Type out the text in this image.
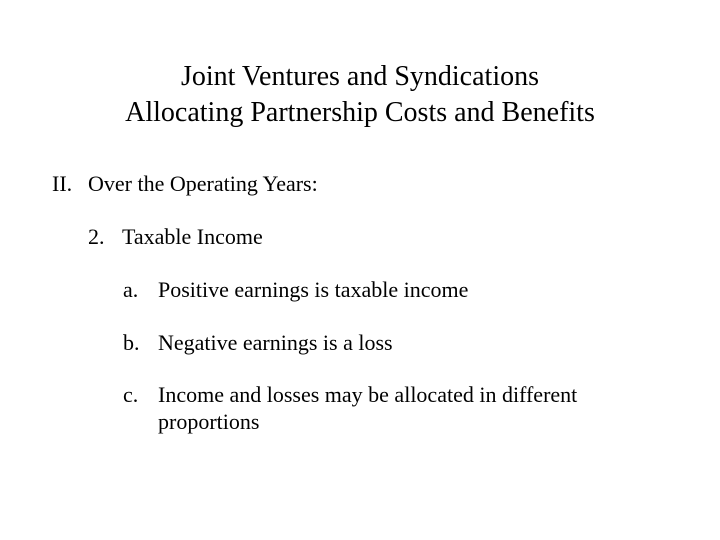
Joint Ventures and Syndications
Allocating Partnership Costs and Benefits
II. Over the Operating Years:
2. Taxable Income
a. Positive earnings is taxable income
b. Negative earnings is a loss
c. Income and losses may be allocated in different proportions
